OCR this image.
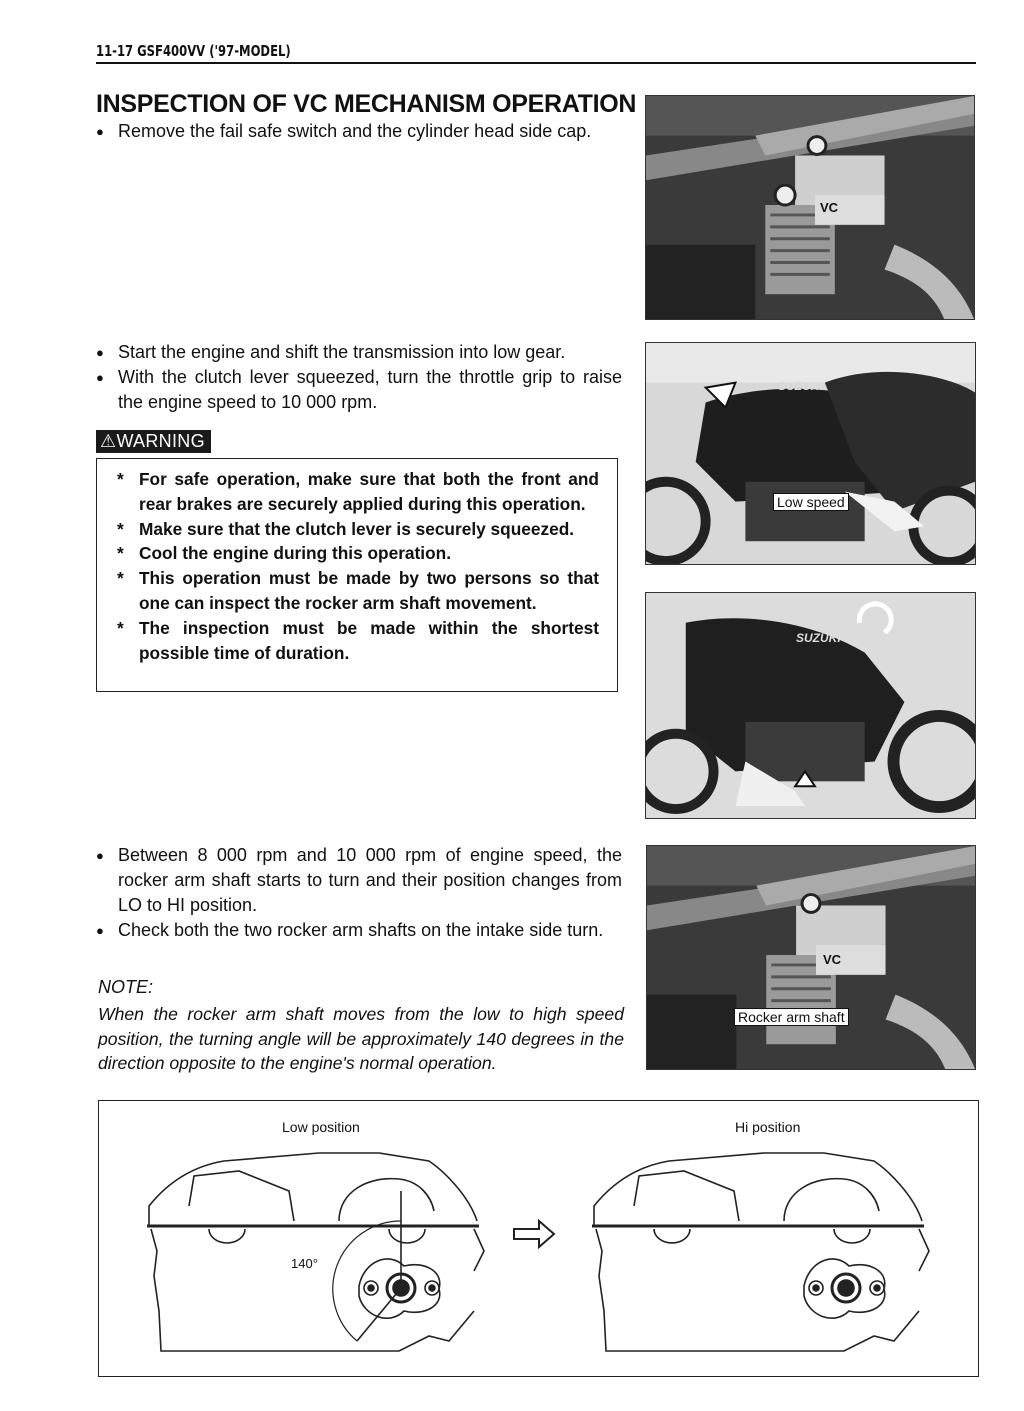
11-17 GSF400VV ('97-MODEL)
INSPECTION OF VC MECHANISM OPERATION
● Remove the fail safe switch and the cylinder head side cap.
● Start the engine and shift the transmission into low gear.
● With the clutch lever squeezed, turn the throttle grip to raise the engine speed to 10 000 rpm.
⚠WARNING
* For safe operation, make sure that both the front and rear brakes are securely applied during this operation.
* Make sure that the clutch lever is securely squeezed.
* Cool the engine during this operation.
* This operation must be made by two persons so that one can inspect the rocker arm shaft movement.
* The inspection must be made within the shortest possible time of duration.
● Between 8 000 rpm and 10 000 rpm of engine speed, the rocker arm shaft starts to turn and their position changes from LO to HI position.
● Check both the two rocker arm shafts on the intake side turn.
NOTE:
When the rocker arm shaft moves from the low to high speed position, the turning angle will be approximately 140 degrees in the direction opposite to the engine's normal operation.
VC
SUZUKI
Low speed
SUZUKI
VC
Rocker arm shaft
Low position	Hi position
140°
